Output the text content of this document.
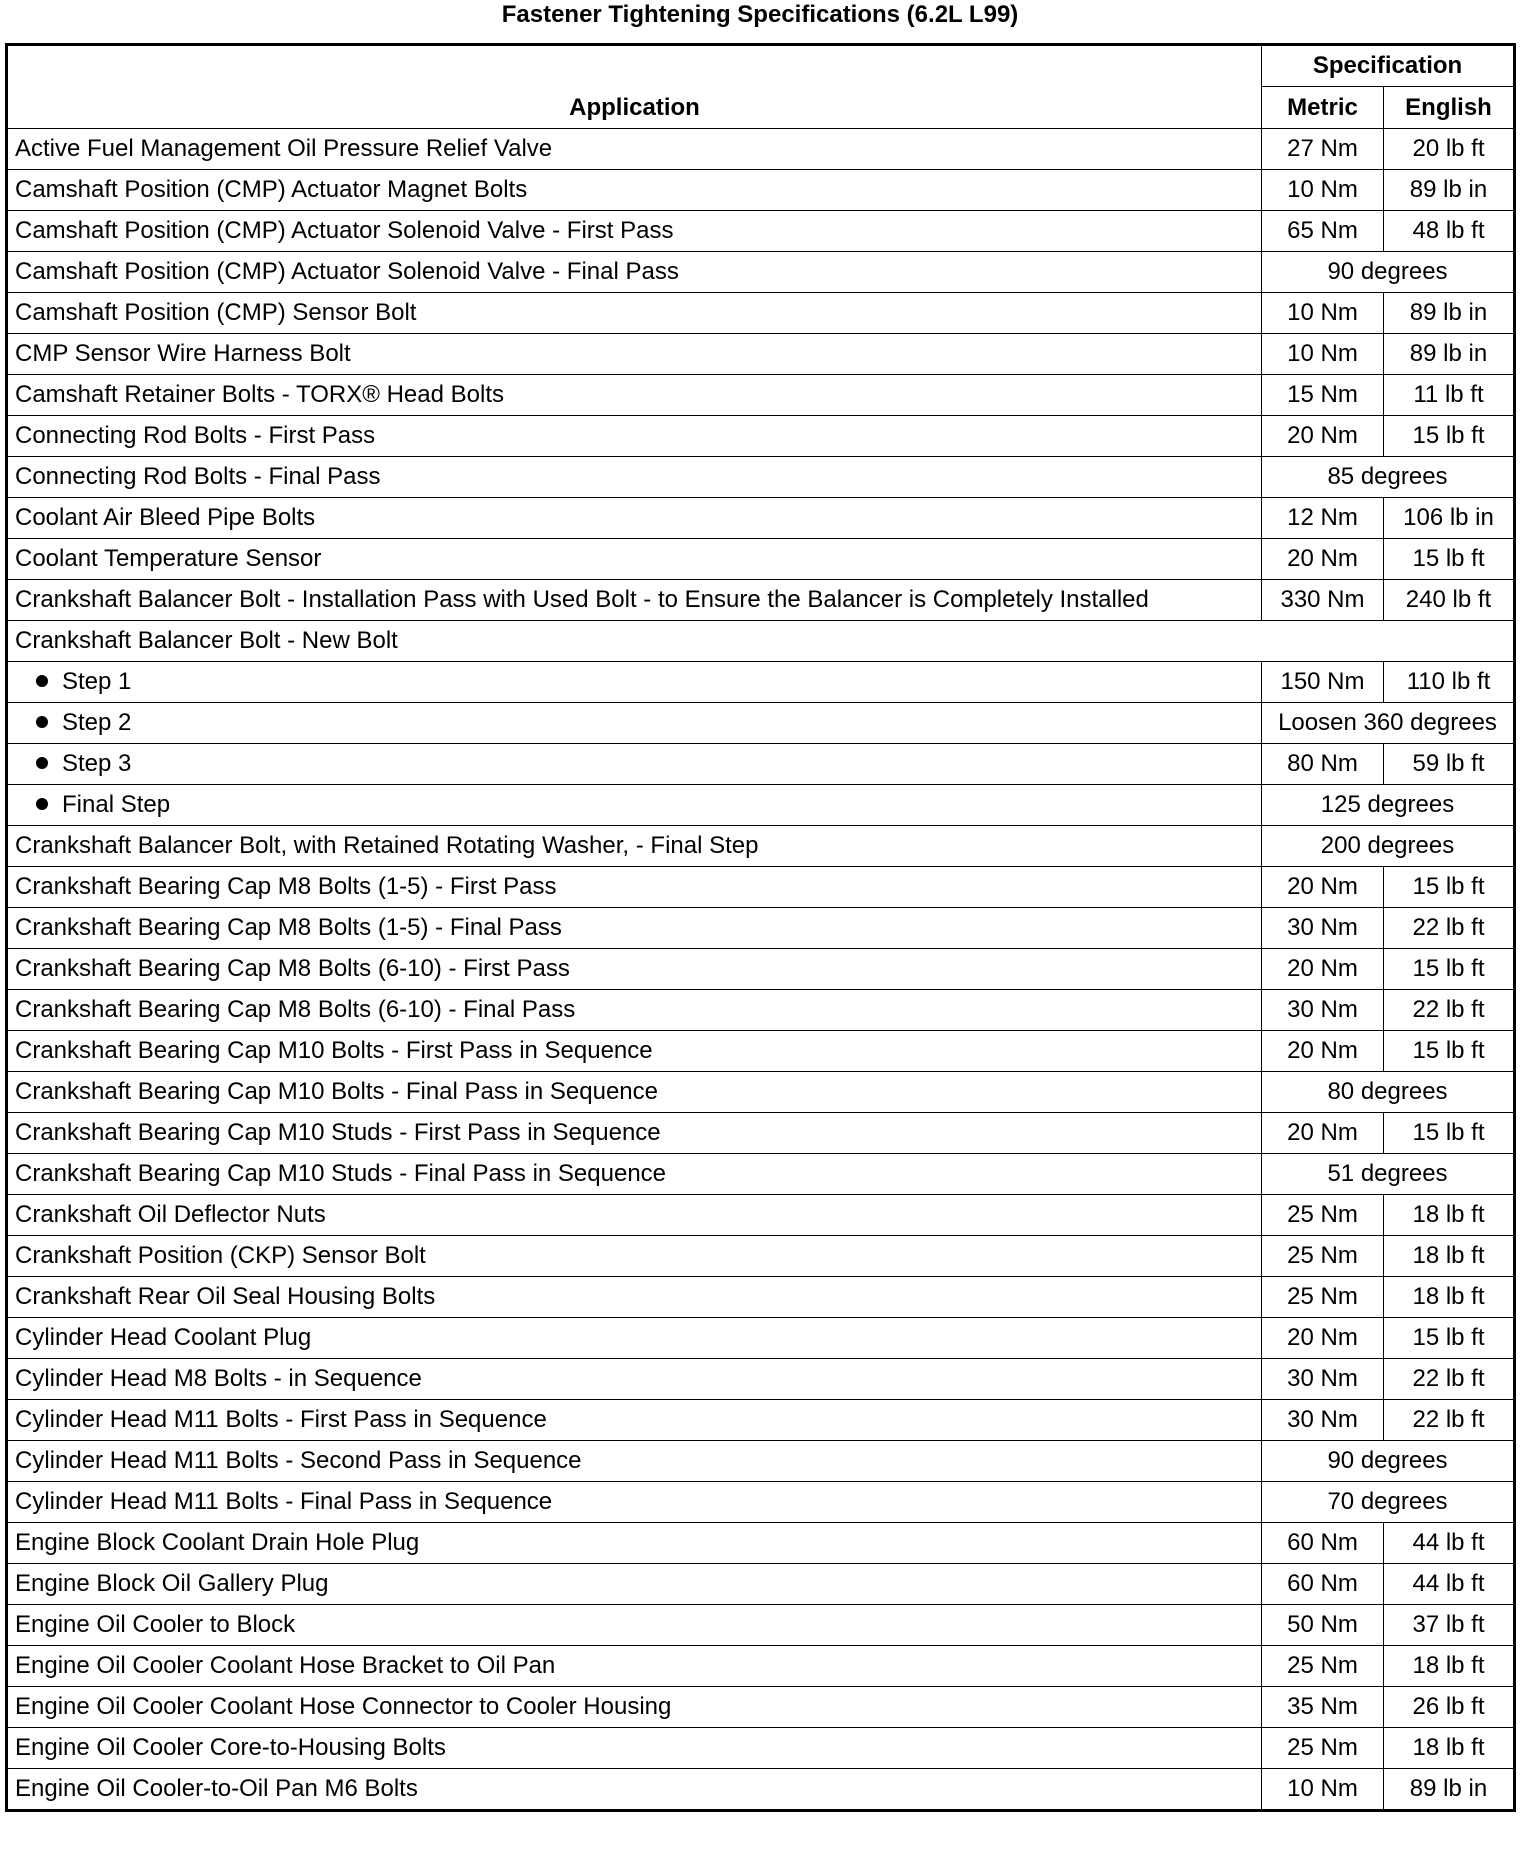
Fastener Tightening Specifications (6.2L L99)
Application	Specification	
	Metric	English
Active Fuel Management Oil Pressure Relief Valve	27 Nm	20 lb ft
Camshaft Position (CMP) Actuator Magnet Bolts	10 Nm	89 lb in
Camshaft Position (CMP) Actuator Solenoid Valve - First Pass	65 Nm	48 lb ft
Camshaft Position (CMP) Actuator Solenoid Valve - Final Pass	90 degrees	
Camshaft Position (CMP) Sensor Bolt	10 Nm	89 lb in
CMP Sensor Wire Harness Bolt	10 Nm	89 lb in
Camshaft Retainer Bolts - TORX® Head Bolts	15 Nm	11 lb ft
Connecting Rod Bolts - First Pass	20 Nm	15 lb ft
Connecting Rod Bolts - Final Pass	85 degrees	
Coolant Air Bleed Pipe Bolts	12 Nm	106 lb in
Coolant Temperature Sensor	20 Nm	15 lb ft
Crankshaft Balancer Bolt - Installation Pass with Used Bolt - to Ensure the Balancer is Completely Installed	330 Nm	240 lb ft
Crankshaft Balancer Bolt - New Bolt		
Step 1	150 Nm	110 lb ft
Step 2	Loosen 360 degrees	
Step 3	80 Nm	59 lb ft
Final Step	125 degrees	
Crankshaft Balancer Bolt, with Retained Rotating Washer, - Final Step	200 degrees	
Crankshaft Bearing Cap M8 Bolts (1-5) - First Pass	20 Nm	15 lb ft
Crankshaft Bearing Cap M8 Bolts (1-5) - Final Pass	30 Nm	22 lb ft
Crankshaft Bearing Cap M8 Bolts (6-10) - First Pass	20 Nm	15 lb ft
Crankshaft Bearing Cap M8 Bolts (6-10) - Final Pass	30 Nm	22 lb ft
Crankshaft Bearing Cap M10 Bolts - First Pass in Sequence	20 Nm	15 lb ft
Crankshaft Bearing Cap M10 Bolts - Final Pass in Sequence	80 degrees	
Crankshaft Bearing Cap M10 Studs - First Pass in Sequence	20 Nm	15 lb ft
Crankshaft Bearing Cap M10 Studs - Final Pass in Sequence	51 degrees	
Crankshaft Oil Deflector Nuts	25 Nm	18 lb ft
Crankshaft Position (CKP) Sensor Bolt	25 Nm	18 lb ft
Crankshaft Rear Oil Seal Housing Bolts	25 Nm	18 lb ft
Cylinder Head Coolant Plug	20 Nm	15 lb ft
Cylinder Head M8 Bolts - in Sequence	30 Nm	22 lb ft
Cylinder Head M11 Bolts - First Pass in Sequence	30 Nm	22 lb ft
Cylinder Head M11 Bolts - Second Pass in Sequence	90 degrees	
Cylinder Head M11 Bolts - Final Pass in Sequence	70 degrees	
Engine Block Coolant Drain Hole Plug	60 Nm	44 lb ft
Engine Block Oil Gallery Plug	60 Nm	44 lb ft
Engine Oil Cooler to Block	50 Nm	37 lb ft
Engine Oil Cooler Coolant Hose Bracket to Oil Pan	25 Nm	18 lb ft
Engine Oil Cooler Coolant Hose Connector to Cooler Housing	35 Nm	26 lb ft
Engine Oil Cooler Core-to-Housing Bolts	25 Nm	18 lb ft
Engine Oil Cooler-to-Oil Pan M6 Bolts	10 Nm	89 lb in
